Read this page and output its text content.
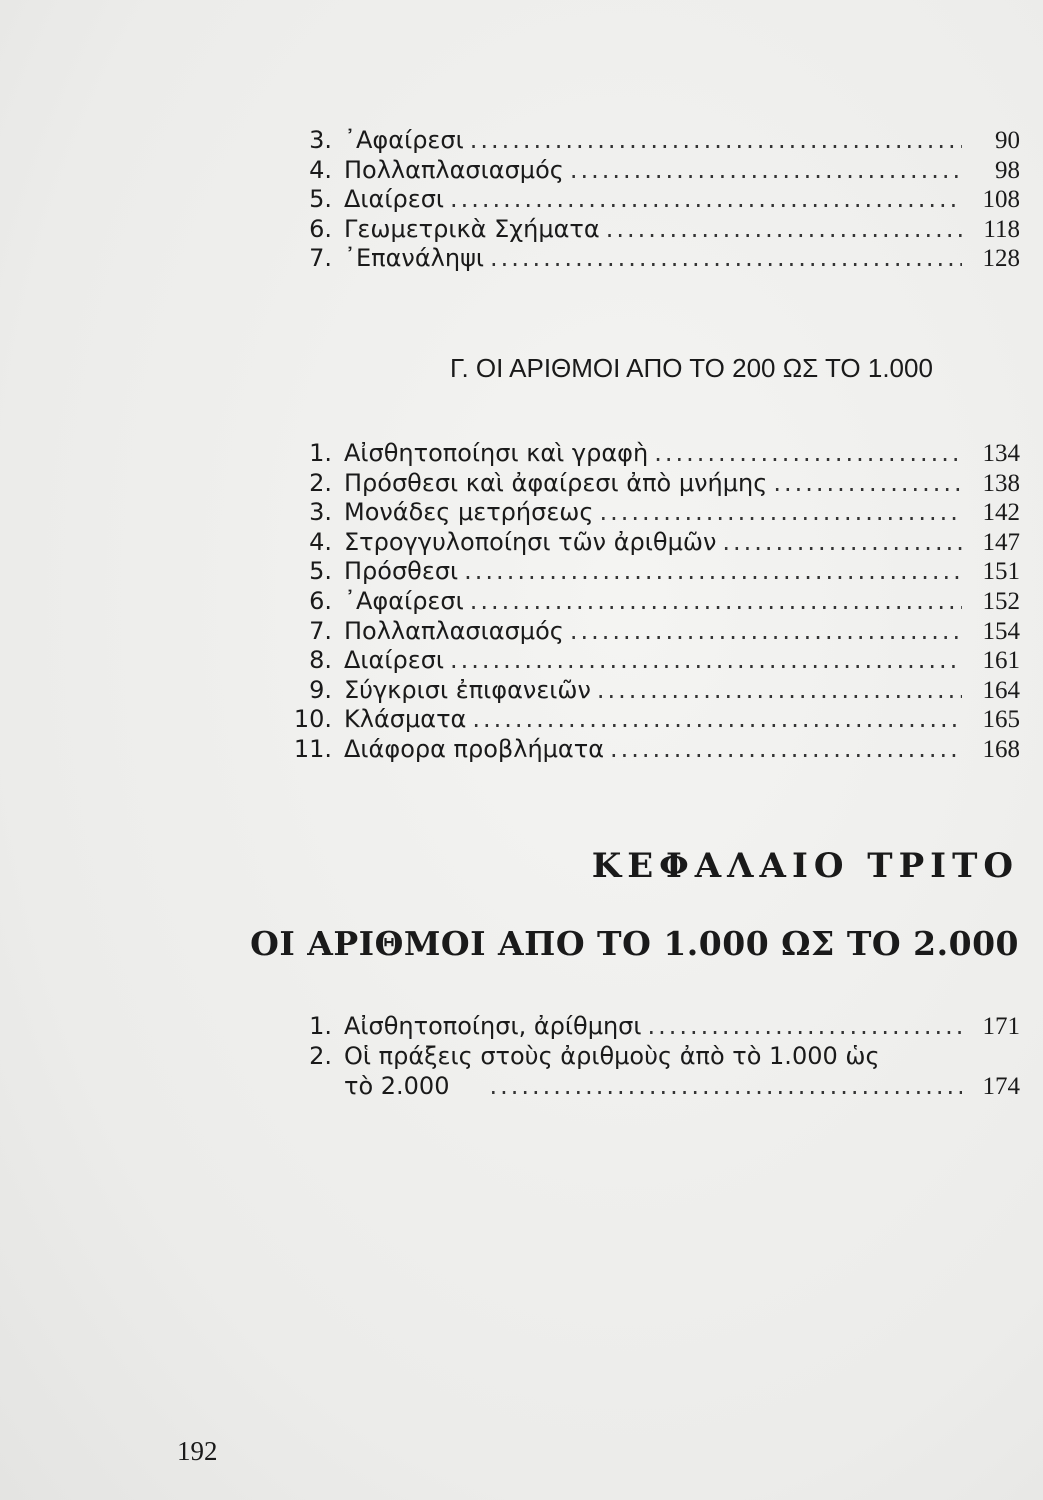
3. ᾿Αφαίρεσι .....	90
4. Πολλαπλασιασμός .....	98
5. Διαίρεσι .....	108
6. Γεωμετρικὰ Σχήματα .....	118
7. ᾿Επανάληψι .....	128
Γ. ΟΙ ΑΡΙΘΜΟΙ ΑΠΟ ΤΟ 200 ΩΣ ΤΟ 1.000
1. Αἰσθητοποίησι καὶ γραφὴ .....	134
2. Πρόσθεσι καὶ ἀφαίρεσι ἀπὸ μνήμης .....	138
3. Μονάδες μετρήσεως .....	142
4. Στρογγυλοποίησι τῶν ἀριθμῶν .....	147
5. Πρόσθεσι .....	151
6. ᾿Αφαίρεσι .....	152
7. Πολλαπλασιασμός .....	154
8. Διαίρεσι .....	161
9. Σύγκρισι ἐπιφανειῶν .....	164
10. Κλάσματα .....	165
11. Διάφορα προβλήματα .....	168
ΚΕΦΑΛΑΙΟ ΤΡΙΤΟ
ΟΙ ΑΡΙΘΜΟΙ ΑΠΟ ΤΟ 1.000 ΩΣ ΤΟ 2.000
1. Αἰσθητοποίησι, ἀρίθμησι .....	171
2. Οἱ πράξεις στοὺς ἀριθμοὺς ἀπὸ τὸ 1.000 ὡς
τὸ 2.000 .....	174
192
